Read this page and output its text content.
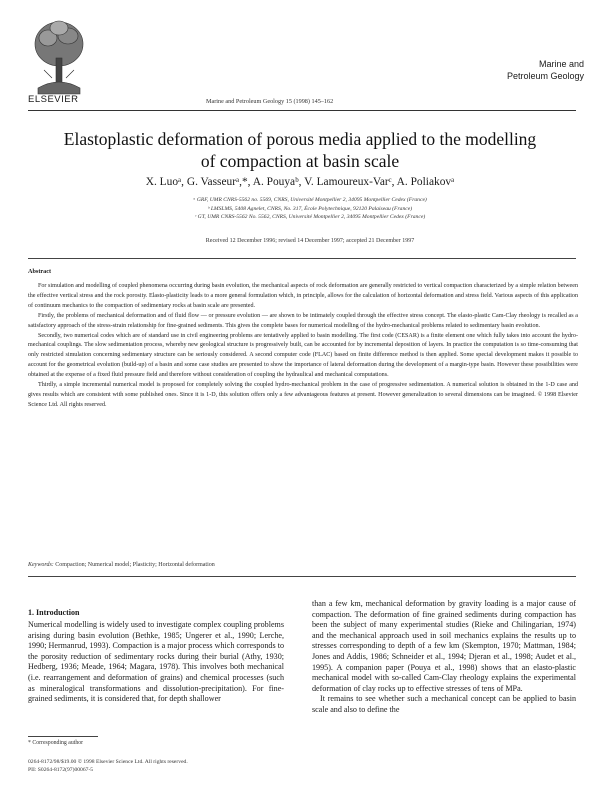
ELSEVIER	Marine and Petroleum Geology 15 (1998) 145–162
Marine and
Petroleum Geology
Elastoplastic deformation of porous media applied to the modelling
of compaction at basin scale
X. Luoᵃ, G. Vasseurᵃ,*, A. Pouyaᵇ, V. Lamoureux-Varᶜ, A. Poliakovᵃ
ᵃ GRF, UMR CNRS-5562 no. 5569, CNRS, Université Montpellier 2, 34095 Montpellier Cedex (France)
ᵇ LMSLMS, 5408 Agnelet, CNRS, No. 317, École Polytechnique, 92120 Palaiseau (France)
ᶜ GT, UMR CNRS-5562 No. 5562, CNRS, Université Montpellier 2, 34095 Montpellier Cedex (France)
Received 12 December 1996; revised 14 December 1997; accepted 21 December 1997
Abstract

For simulation and modelling of coupled phenomena occurring during basin evolution, the mechanical aspects of rock deformation are generally restricted to vertical compaction characterized by a simple relation between the effective vertical stress and the rock porosity. Elasto-plasticity leads to a more general formulation which, in principle, allows for the calculation of horizontal deformation and stress field. Various aspects of this application of continuum mechanics to the compaction of sedimentary rocks at basin scale are presented.

Firstly, the problems of mechanical deformation and of fluid flow — or pressure evolution — are shown to be intimately coupled through the effective stress concept. The elasto-plastic Cam-Clay rheology is recalled as a satisfactory approach of the stress-strain relationship for fine-grained sediments. This gives the complete bases for numerical modelling of the hydro-mechanical problems related to sedimentary basin evolution.

Secondly, two numerical codes which are of standard use in civil engineering problems are tentatively applied to basin modelling. The first code (CESAR) is a finite element one which fully takes into account the hydro-mechanical couplings. The slow sedimentation process, whereby new geological structure is progressively built, can be accounted for by incremental deposition of layers. In practice the computation is so time-consuming that only restricted simulation concerning sedimentary structure can be seriously considered. A second computer code (FLAC) based on finite difference method is then applied. Some special development makes it possible to account for the geometrical evolution (build-up) of a basin and some case studies are presented to show the importance of lateral deformation during the development of a margin-type basin. However these possibilities were obtained at the expense of a fixed fluid pressure field and therefore without consideration of coupling the hydraulical and mechanical computations.

Thirdly, a simple incremental numerical model is proposed for completely solving the coupled hydro-mechanical problem in the case of progressive sedimentation. A numerical solution is obtained in the 1-D case and gives results which are consistent with some published ones. Since it is 1-D, this solution offers only a few advantageous features at present. However generalization to several dimensions can be imagined. © 1998 Elsevier Science Ltd. All rights reserved.

Keywords: Compaction; Numerical model; Plasticity; Horizontal deformation
1. Introduction

Numerical modelling is widely used to investigate complex coupling problems arising during basin evolution (Bethke, 1985; Ungerer et al., 1990; Lerche, 1990; Hermanrud, 1993). Compaction is a major process which corresponds to the porosity reduction of sedimentary rocks during their burial (Athy, 1930; Hedberg, 1936; Meade, 1964; Magara, 1978). This involves both mechanical (i.e. rearrangement and deformation of grains) and chemical processes (such as mineralogical transformations and dissolution-precipitation). For fine-grained sediments, it is considered that, for depth shallower

than a few km, mechanical deformation by gravity loading is a major cause of compaction. The deformation of fine grained sediments during compaction has been the subject of many experimental studies (Rieke and Chilingarian, 1974) and the mechanical approach used in soil mechanics explains the results up to stresses corresponding to depth of a few km (Skempton, 1970; Mattman, 1984; Jones and Addis, 1986; Schneider et al., 1994; Djeran et al., 1998; Audet et al., 1995). A companion paper (Pouya et al., 1998) shows that an elasto-plastic mechanical model with so-called Cam-Clay rheology explains the experimental deformation of clay rocks up to effective stresses of tens of MPa.

It remains to see whether such a mechanical concept can be applied to basin scale and also to define the

* Corresponding author
0264-8172/98/$19.00 © 1998 Elsevier Science Ltd. All rights reserved.
PII: S0264-8172(97)00067-5
